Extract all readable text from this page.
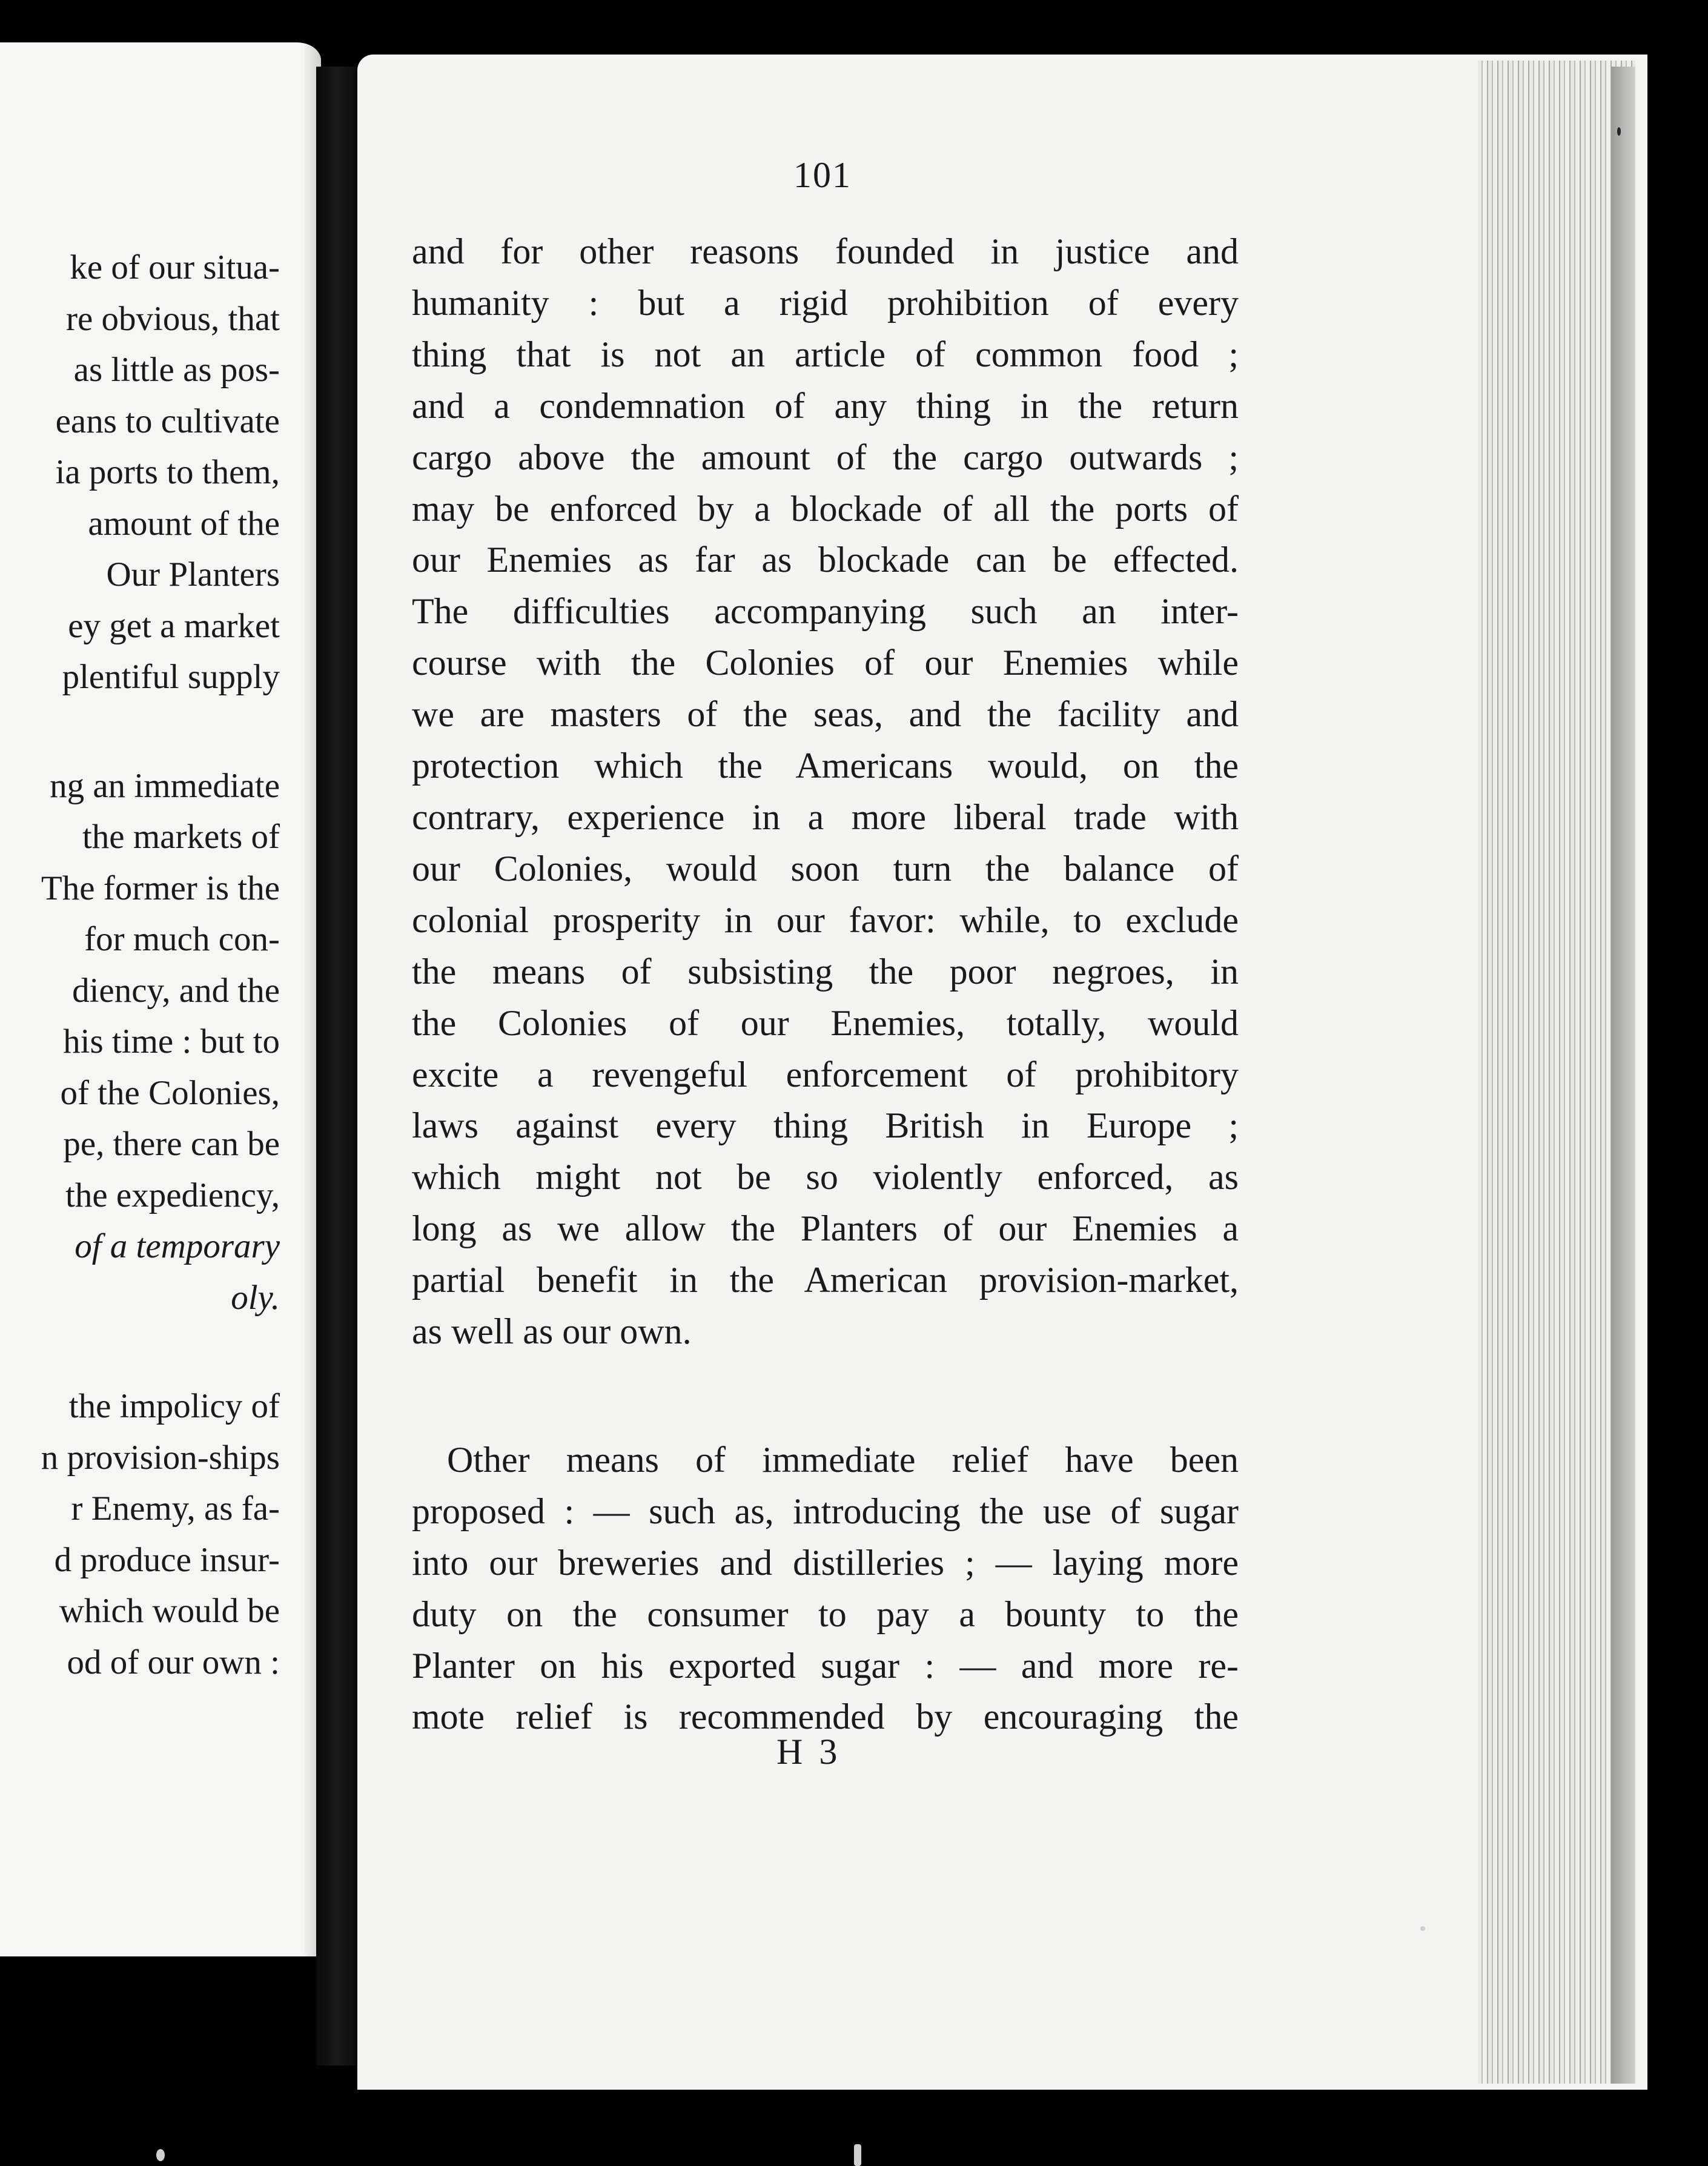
ke of our situa-
re obvious, that
as little as pos-
eans to cultivate
ia ports to them,
amount of the
Our Planters
ey get a market
plentiful supply
ng an immediate
the markets of
The former is the
for much con-
diency, and the
his time : but to
of the Colonies,
pe, there can be
the expediency,
of a temporary
oly.
the impolicy of
n provision-ships
r Enemy, as fa-
d produce insur-
which would be
od of our own :
101
and for other reasons founded in justice and
humanity : but a rigid prohibition of every
thing that is not an article of common food ;
and a condemnation of any thing in the return
cargo above the amount of the cargo outwards ;
may be enforced by a blockade of all the ports of
our Enemies as far as blockade can be effected.
The difficulties accompanying such an inter-
course with the Colonies of our Enemies while
we are masters of the seas, and the facility and
protection which the Americans would, on the
contrary, experience in a more liberal trade with
our Colonies, would soon turn the balance of
colonial prosperity in our favor: while, to exclude
the means of subsisting the poor negroes, in
the Colonies of our Enemies, totally, would
excite a revengeful enforcement of prohibitory
laws against every thing British in Europe ;
which might not be so violently enforced, as
long as we allow the Planters of our Enemies a
partial benefit in the American provision-market,
as well as our own.
Other means of immediate relief have been
proposed : — such as, introducing the use of sugar
into our breweries and distilleries ; — laying more
duty on the consumer to pay a bounty to the
Planter on his exported sugar : — and more re-
mote relief is recommended by encouraging the
H 3
